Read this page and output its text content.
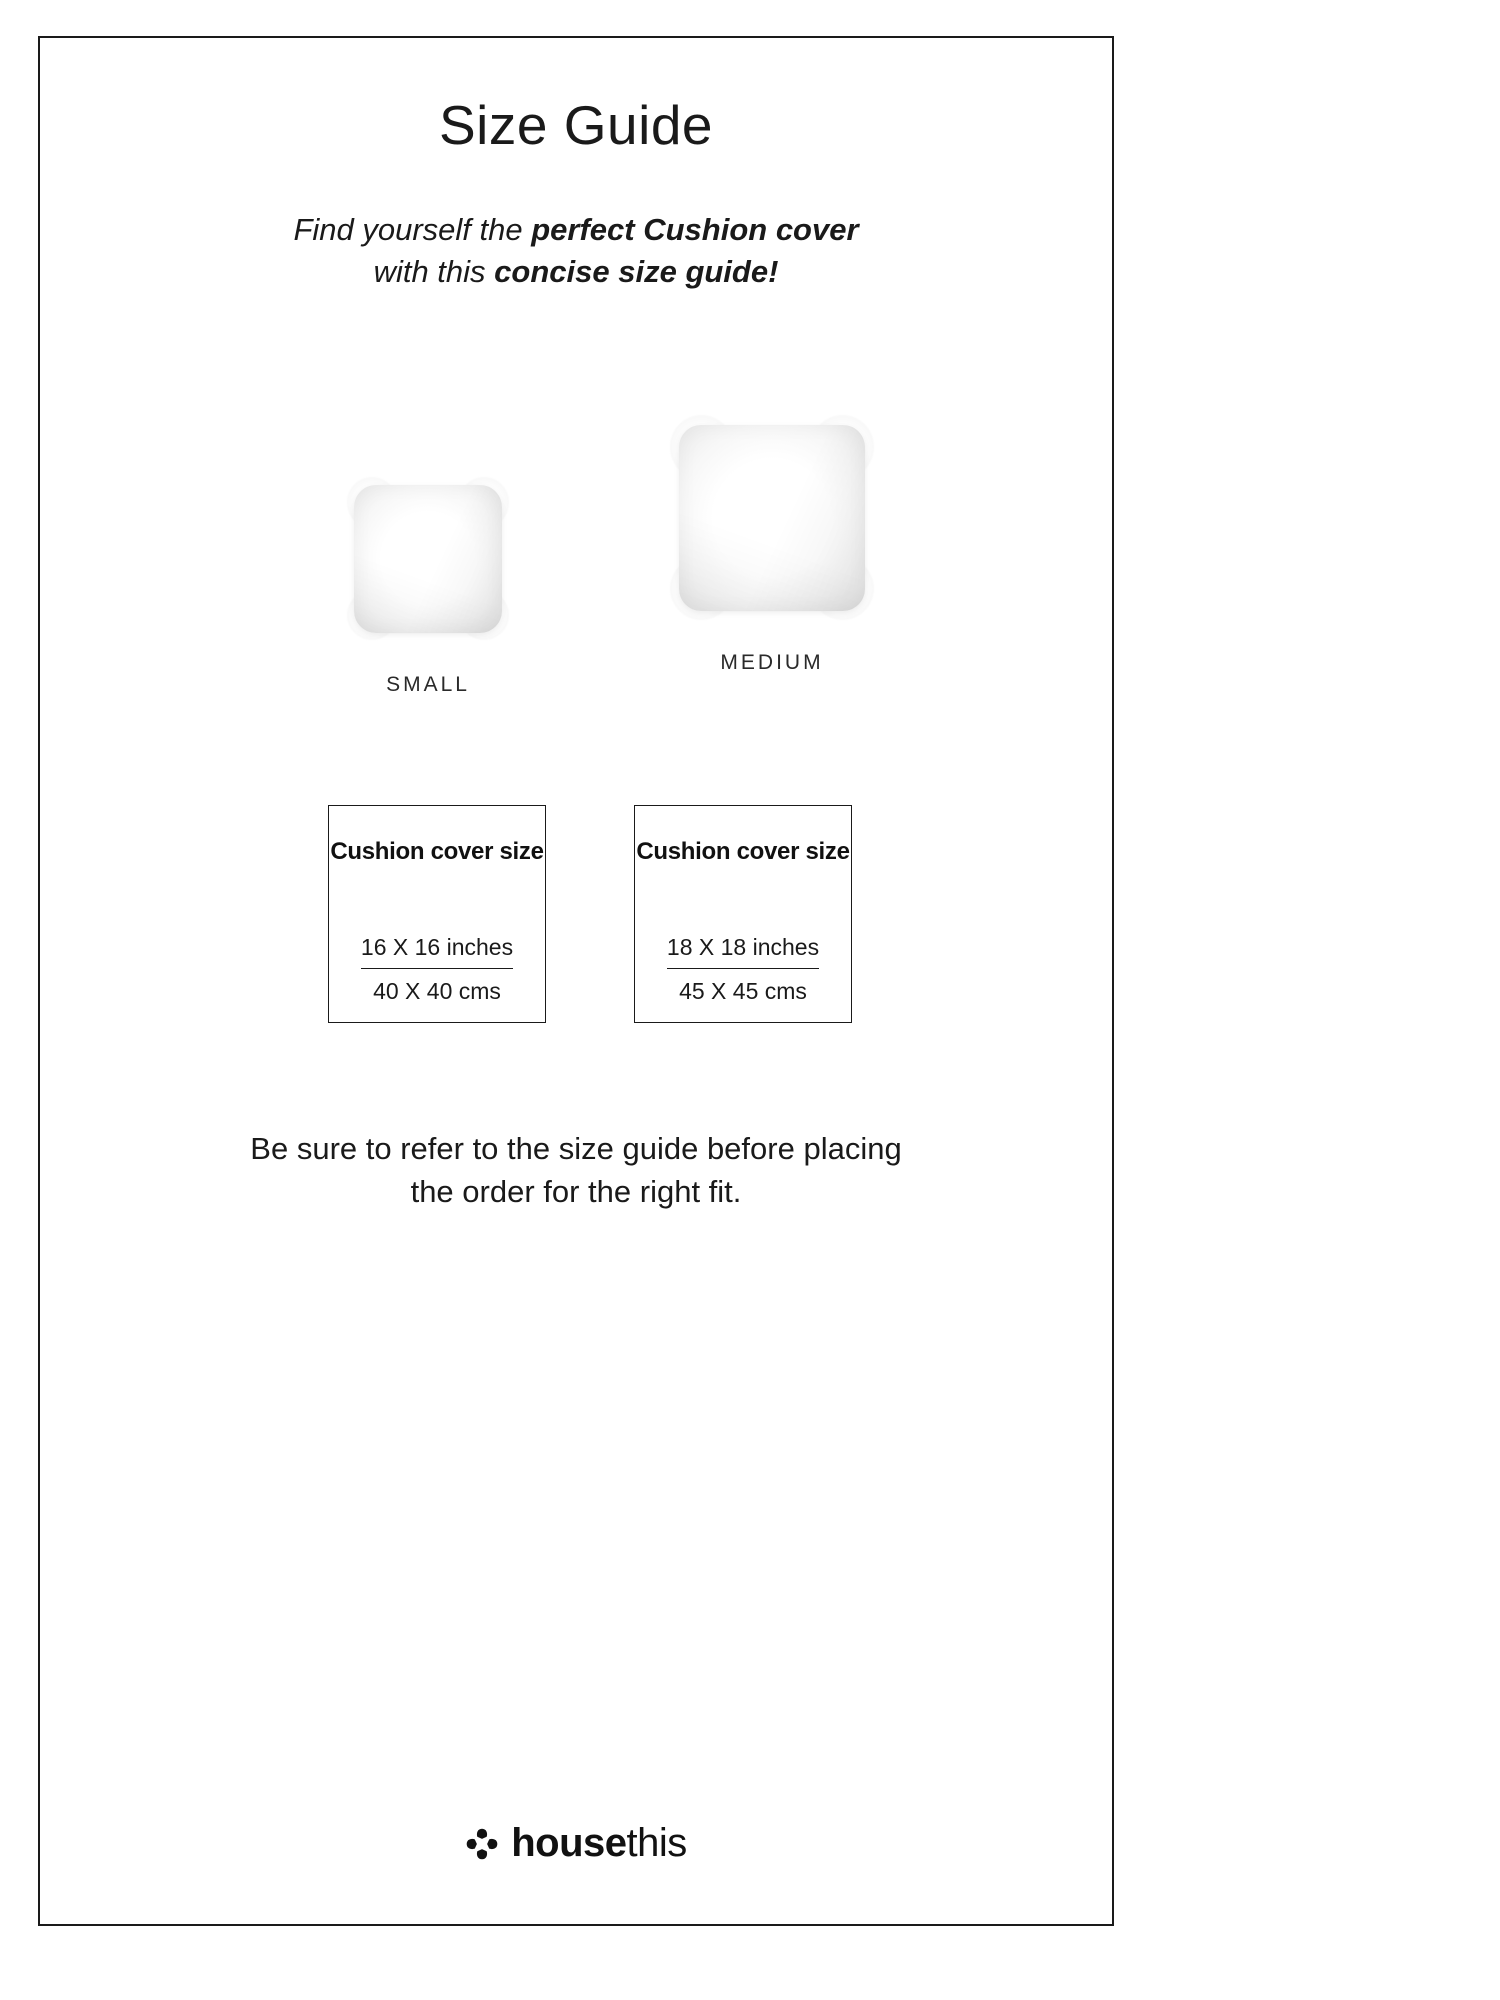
Size Guide

Find yourself the perfect Cushion cover
with this concise size guide!

SMALL
MEDIUM
Cushion cover size
16 X 16 inches
40 X 40 cms
Cushion cover size
18 X 18 inches
45 X 45 cms

Be sure to refer to the size guide before placing
the order for the right fit.

housethis
